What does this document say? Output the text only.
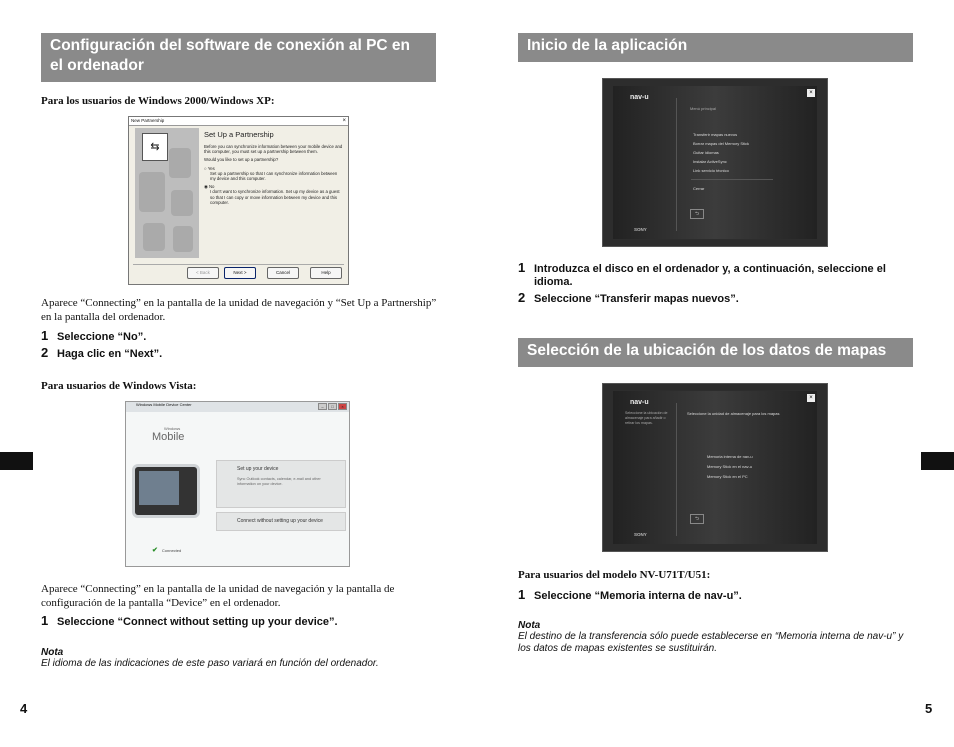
Configuración del software de conexión al PC en el ordenador
Para los usuarios de Windows 2000/Windows XP:
New Partnership	×
⇆
Set Up a Partnership

Before you can synchronize information between your mobile device and this computer, you must set up a partnership between them.

Would you like to set up a partnership?

○ Yes

Set up a partnership so that I can synchronize information between my device and this computer.

◉ No

I don't want to synchronize information. Set up my device as a guest so that I can copy or move information between my device and this computer.

< Back	Next >	Cancel	Help
Aparece “Connecting” en la pantalla de la unidad de navegación y “Set Up a Partnership” en la pantalla del ordenador.
1 Seleccione “No”.
2 Haga clic en “Next”.
Para usuarios de Windows Vista:
Windows Mobile Device Center	–	□	×
Windows
Mobile
Set up your device
Sync Outlook contacts, calendar, e-mail and other information on your device.
Connect without setting up your device
✔ Connected
Aparece “Connecting” en la pantalla de la unidad de navegación y la pantalla de configuración de la pantalla “Device” en el ordenador.
1 Seleccione “Connect without setting up your device”.
Nota
El idioma de las indicaciones de este paso variará en función del ordenador.
4
Inicio de la aplicación
nav-u
×
Menú principal
Transferir mapas nuevos
Borrar mapas del Memory Stick
Guitar idiomas
Instalar ActiveSync
Link servicio técnico
Cerrar
⮌
SONY
1 Introduzca el disco en el ordenador y, a continuación, seleccione el idioma.
2 Seleccione “Transferir mapas nuevos”.
Selección de la ubicación de los datos de mapas
nav-u
×
Seleccione la ubicación de almacenaje para añadir o retirar los mapas.
Seleccione la unidad de almacenaje para los mapas
Memoria interna de nav-u
Memory Stick en el nav-u
Memory Stick en el PC
⮌
SONY
Para usuarios del modelo NV-U71T/U51:
1 Seleccione “Memoria interna de nav-u”.
Nota
El destino de la transferencia sólo puede establecerse en “Memoria interna de nav-u” y los datos de mapas existentes se sustituirán.
5
